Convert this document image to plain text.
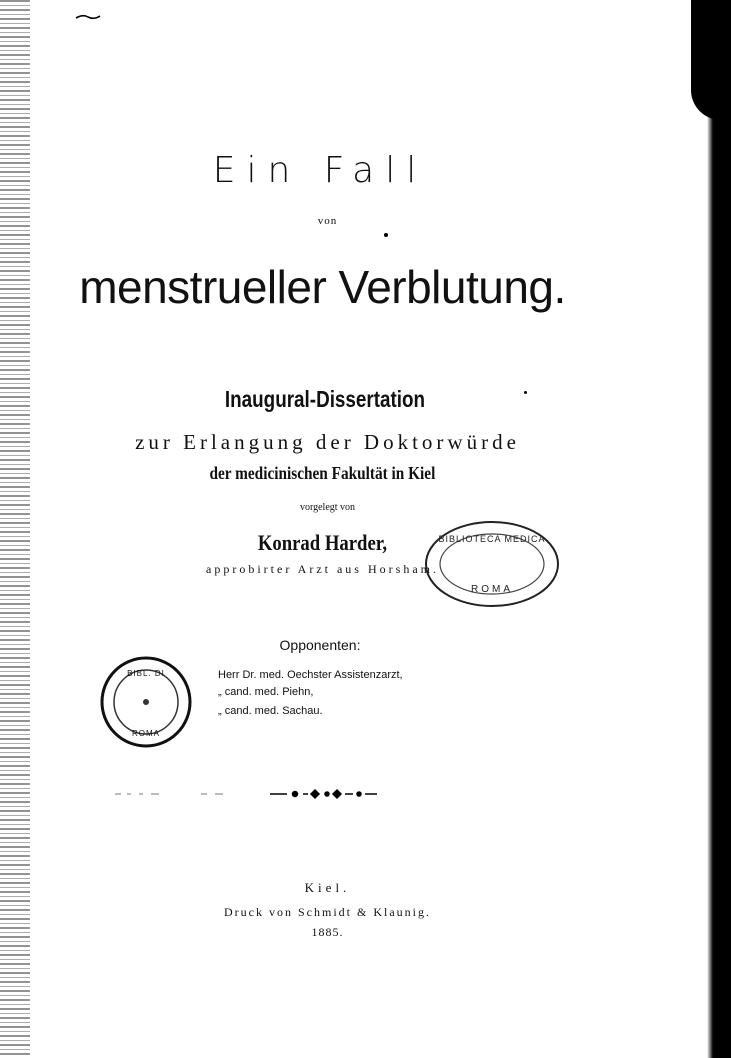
Ein Fall
von
menstrueller Verblutung.
Inaugural-Dissertation
zur Erlangung der Doktorwürde
der medicinischen Fakultät in Kiel
vorgelegt von
Konrad Harder,
approbirter Arzt aus Horsham.
BIBLIOTECA MEDICA
ROMA
BIBL. DI
ROMA
Opponenten:
Herr Dr. med. Oechster Assistenzarzt,
„ cand. med. Piehn,
„ cand. med. Sachau.
Kiel.
Druck von Schmidt & Klaunig.
1885.
